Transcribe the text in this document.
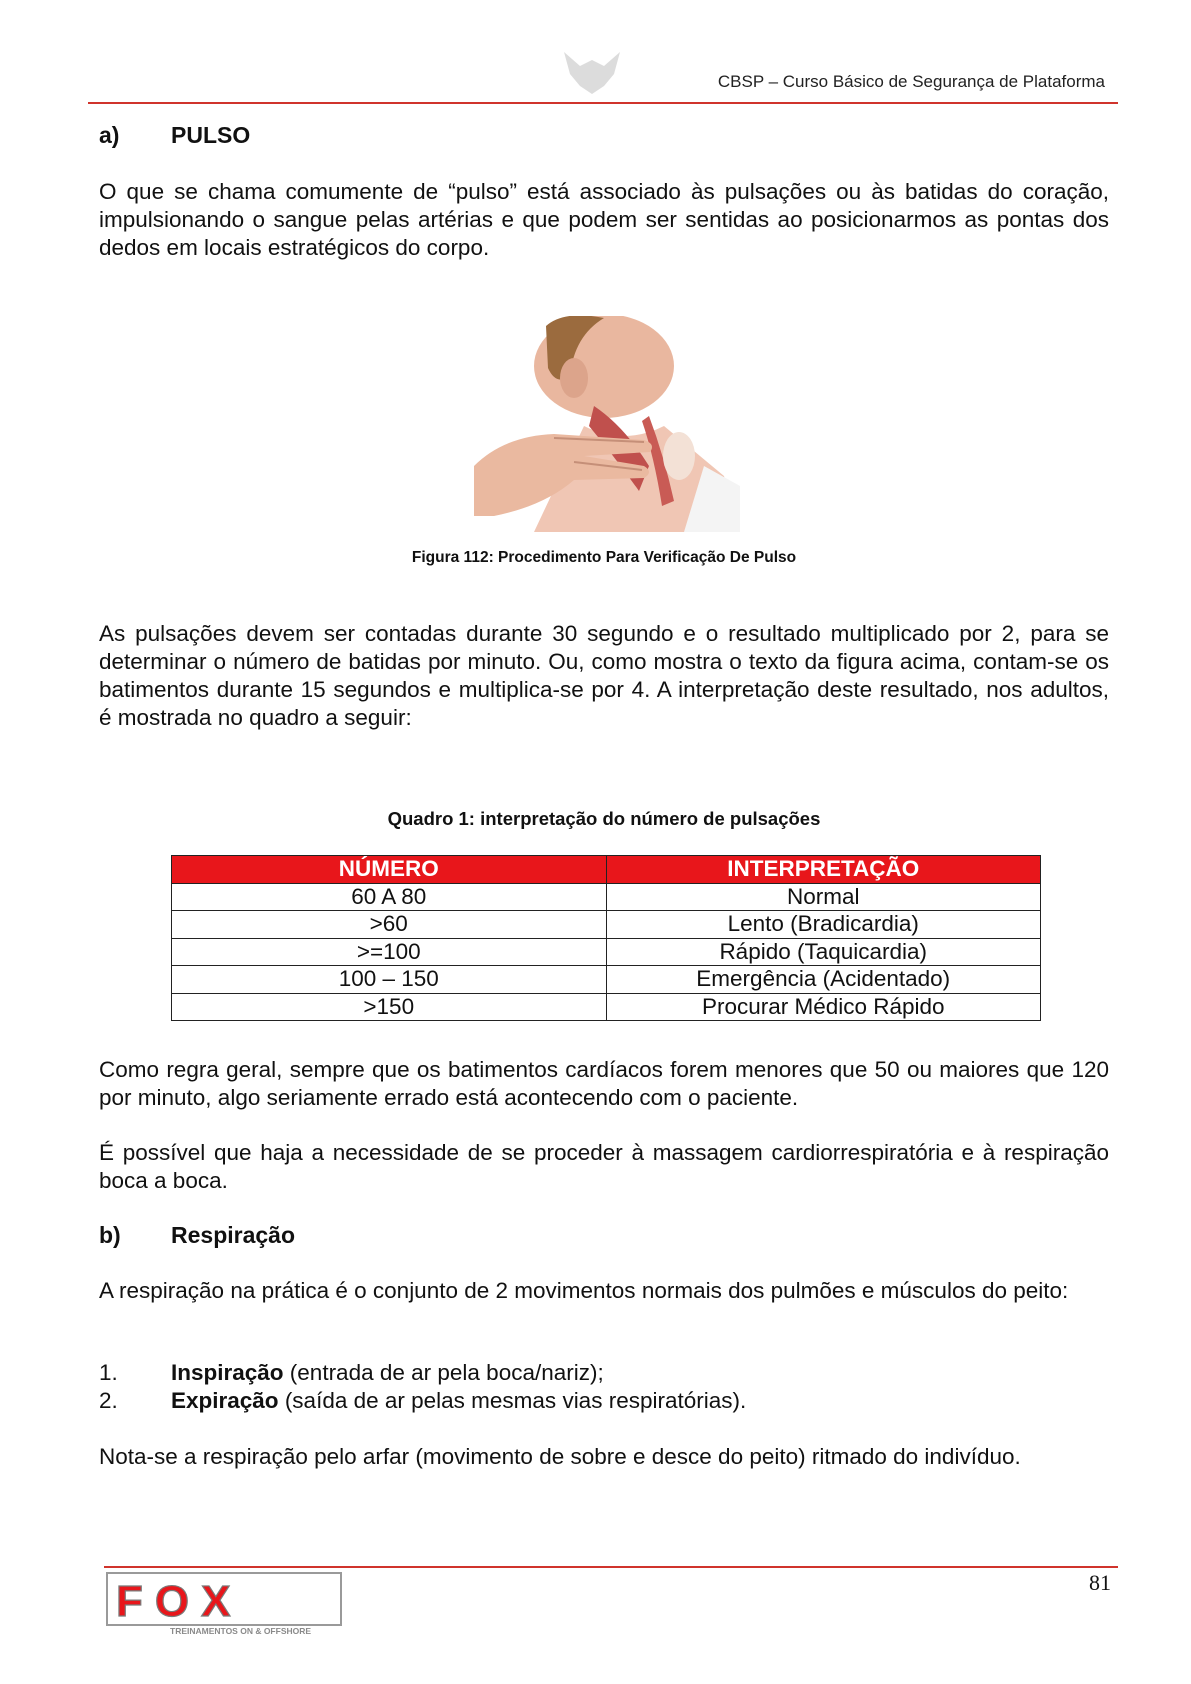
CBSP – Curso Básico de Segurança de Plataforma
a) PULSO
O que se chama comumente de “pulso” está associado às pulsações ou às batidas do coração, impulsionando o sangue pelas artérias e que podem ser sentidas ao posicionarmos as pontas dos dedos em locais estratégicos do corpo.
Figura 112: Procedimento Para Verificação De Pulso
As pulsações devem ser contadas durante 30 segundo e o resultado multiplicado por 2, para se determinar o número de batidas por minuto. Ou, como mostra o texto da figura acima, contam-se os batimentos durante 15 segundos e multiplica-se por 4. A interpretação deste resultado, nos adultos, é mostrada no quadro a seguir:
Quadro 1: interpretação do número de pulsações
NÚMERO	INTERPRETAÇÃO
60 A 80	Normal
>60	Lento (Bradicardia)
>=100	Rápido (Taquicardia)
100 – 150	Emergência (Acidentado)
>150	Procurar Médico Rápido
Como regra geral, sempre que os batimentos cardíacos forem menores que 50 ou maiores que 120 por minuto, algo seriamente errado está acontecendo com o paciente.
É possível que haja a necessidade de se proceder à massagem cardiorrespiratória e à respiração boca a boca.
b) Respiração
A respiração na prática é o conjunto de 2 movimentos normais dos pulmões e músculos do peito:
1. Inspiração (entrada de ar pela boca/nariz);
2. Expiração (saída de ar pelas mesmas vias respiratórias).
Nota-se a respiração pelo arfar (movimento de sobre e desce do peito) ritmado do indivíduo.
81
FOX
TREINAMENTOS ON & OFFSHORE
